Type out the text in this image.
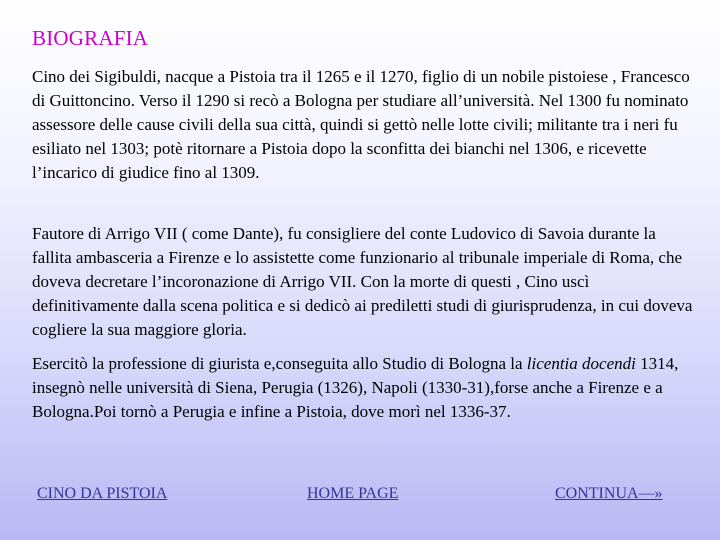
BIOGRAFIA

Cino dei Sigibuldi, nacque a Pistoia tra il 1265 e il 1270, figlio di un nobile pistoiese , Francesco di Guittoncino. Verso il 1290 si recò a Bologna per studiare all’università. Nel 1300 fu nominato assessore delle cause civili della sua città, quindi si gettò nelle lotte civili; militante tra i neri fu esiliato nel 1303; potè ritornare a Pistoia dopo la sconfitta dei bianchi nel 1306, e ricevette l’incarico di giudice fino al 1309.

Fautore di Arrigo VII ( come Dante), fu consigliere del conte Ludovico di Savoia durante la fallita ambasceria a Firenze e lo assistette come funzionario al tribunale imperiale di Roma, che doveva decretare l’incoronazione di Arrigo VII. Con la morte di questi , Cino uscì definitivamente dalla scena politica e si dedicò ai prediletti studi di giurisprudenza, in cui doveva cogliere la sua maggiore gloria.

Esercitò la professione di giurista e,conseguita allo Studio di Bologna la licentia docendi 1314, insegnò nelle università di Siena, Perugia (1326), Napoli (1330-31),forse anche a Firenze e a Bologna.Poi tornò a Perugia e infine a Pistoia, dove morì nel 1336-37.

CINO DA PISTOIA	HOME PAGE	CONTINUA—»
